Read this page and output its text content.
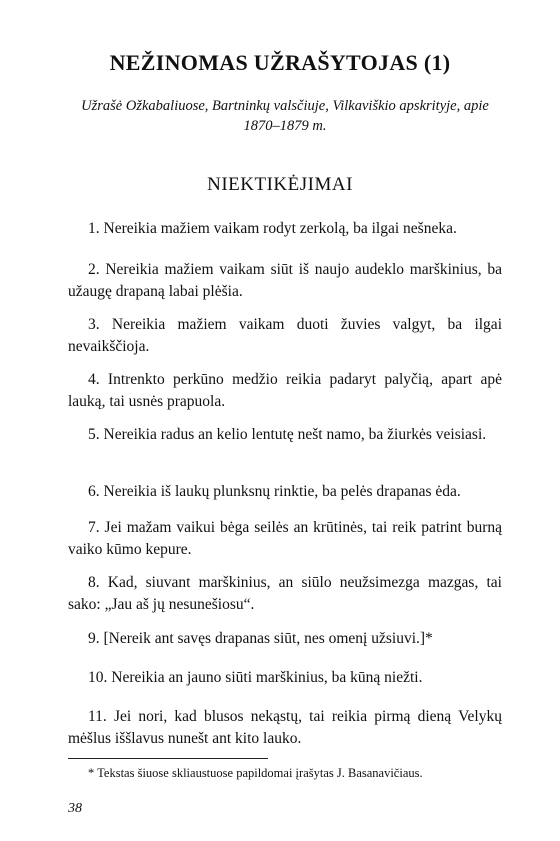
NEŽINOMAS UŽRAŠYTOJAS (1)
Užrašė Ožkabaliuose, Bartninkų valsčiuje, Vilkaviškio apskrityje, apie 1870–1879 m.
NIEKTIKĖJIMAI

1. Nereikia mažiem vaikam rodyt zerkolą, ba ilgai nešneka.

2. Nereikia mažiem vaikam siūt iš naujo audeklo marškinius, ba užaugę drapaną labai plėšia.

3. Nereikia mažiem vaikam duoti žuvies valgyt, ba ilgai nevaikščioja.

4. Intrenkto perkūno medžio reikia padaryt palyčią, apart apė lauką, tai usnės prapuola.

5. Nereikia radus an kelio lentutę nešt namo, ba žiurkės veisiasi.

6. Nereikia iš laukų plunksnų rinktie, ba pelės drapanas ėda.

7. Jei mažam vaikui bėga seilės an krūtinės, tai reik patrint burną vaiko kūmo kepure.

8. Kad, siuvant marškinius, an siūlo neužsimezga mazgas, tai sako: „Jau aš jų nesunešiosu“.

9. [Nereik ant savęs drapanas siūt, nes omenį užsiuvi.]*

10. Nereikia an jauno siūti marškinius, ba kūną niežti.

11. Jei nori, kad blusos nekąstų, tai reikia pirmą dieną Velykų mėšlus iššlavus nunešt ant kito lauko.

* Tekstas šiuose skliaustuose papildomai įrašytas J. Basanavičiaus.
38
